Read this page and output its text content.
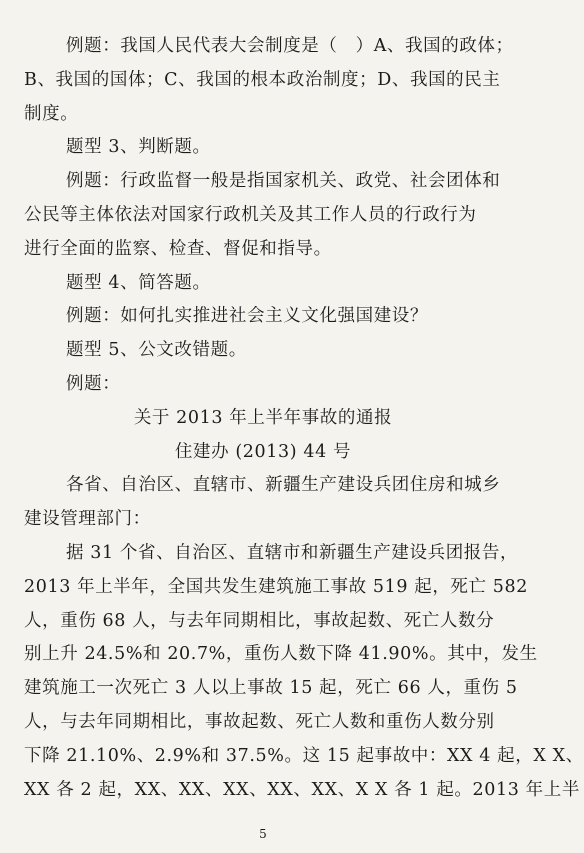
例题：我国人民代表大会制度是（　）A、我国的政体；
B、我国的国体；C、我国的根本政治制度；D、我国的民主
制度。
题型 3、判断题。
例题：行政监督一般是指国家机关、政党、社会团体和
公民等主体依法对国家行政机关及其工作人员的行政行为
进行全面的监察、检查、督促和指导。
题型 4、简答题。
例题：如何扎实推进社会主义文化强国建设？
题型 5、公文改错题。
例题：
关于 2013 年上半年事故的通报
住建办 (2013) 44 号
各省、自治区、直辖市、新疆生产建设兵团住房和城乡
建设管理部门：
据 31 个省、自治区、直辖市和新疆生产建设兵团报告，
2013 年上半年，全国共发生建筑施工事故 519 起，死亡 582
人，重伤 68 人，与去年同期相比，事故起数、死亡人数分
别上升 24.5%和 20.7%，重伤人数下降 41.90%。其中，发生
建筑施工一次死亡 3 人以上事故 15 起，死亡 66 人，重伤 5
人，与去年同期相比，事故起数、死亡人数和重伤人数分别
下降 21.10%、2.9%和 37.5%。这 15 起事故中：XX 4 起，X X、
XX 各 2 起，XX、XX、XX、XX、XX、X X 各 1 起。2013 年上半
5
